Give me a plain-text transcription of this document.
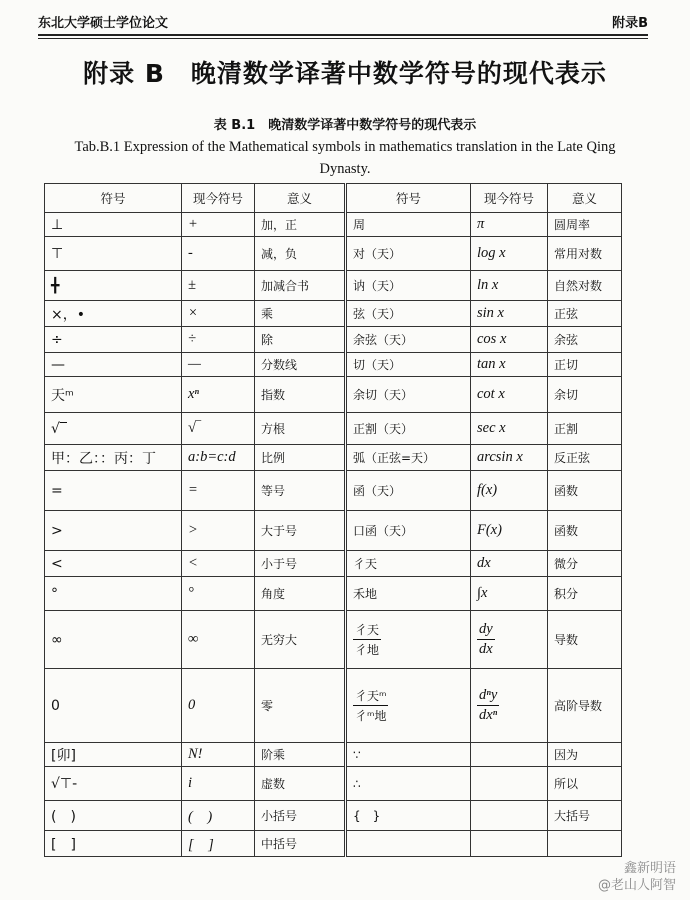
东北大学硕士学位论文	附录B
附录 B　晚清数学译著中数学符号的现代表示
表 B.1　晚清数学译著中数学符号的现代表示
Tab.B.1 Expression of the Mathematical symbols in mathematics translation in the Late Qing Dynasty.
符号	现今符号	意义	符号	现今符号	意义
⊥	+	加，正	周	π	圆周率
⊤	-	减，负	对（天）	log x	常用对数
╋	±	加减合书	讷（天）	ln x	自然对数
×，•	×	乘	弦（天）	sin x	正弦
÷	÷	除	余弦（天）	cos x	余弦
—	—	分数线	切（天）	tan x	正切
天ᵐ	xⁿ	指数	余切（天）	cot x	余切
√‾	√‾	方根	正割（天）	sec x	正割
甲：乙：：丙：丁	a:b=c:d	比例	弧（正弦=天）	arcsin x	反正弦
=	=	等号	函（天）	f(x)	函数
>	>	大于号	口函（天）	F(x)	函数
<	<	小于号	彳天	dx	微分
°	°	角度	禾地	∫x	积分
∞	∞	无穷大	$\frac{\text{彳天}}{\text{彳地}}$	$\frac{dy}{dx}$	导数
0	0	零	$\frac{\text{彳天ᵐ}}{\text{彳ᵐ地}}$	$\frac{\text{dⁿy}}{\text{dxⁿ}}$	高阶导数
[卯]	N!	阶乘	∵		因为
√⊤-	i	虚数	∴		所以
(　)	(　)	小括号	{　}		大括号
[　]	[　]	中括号			
鑫新明语
@老山人阿智
